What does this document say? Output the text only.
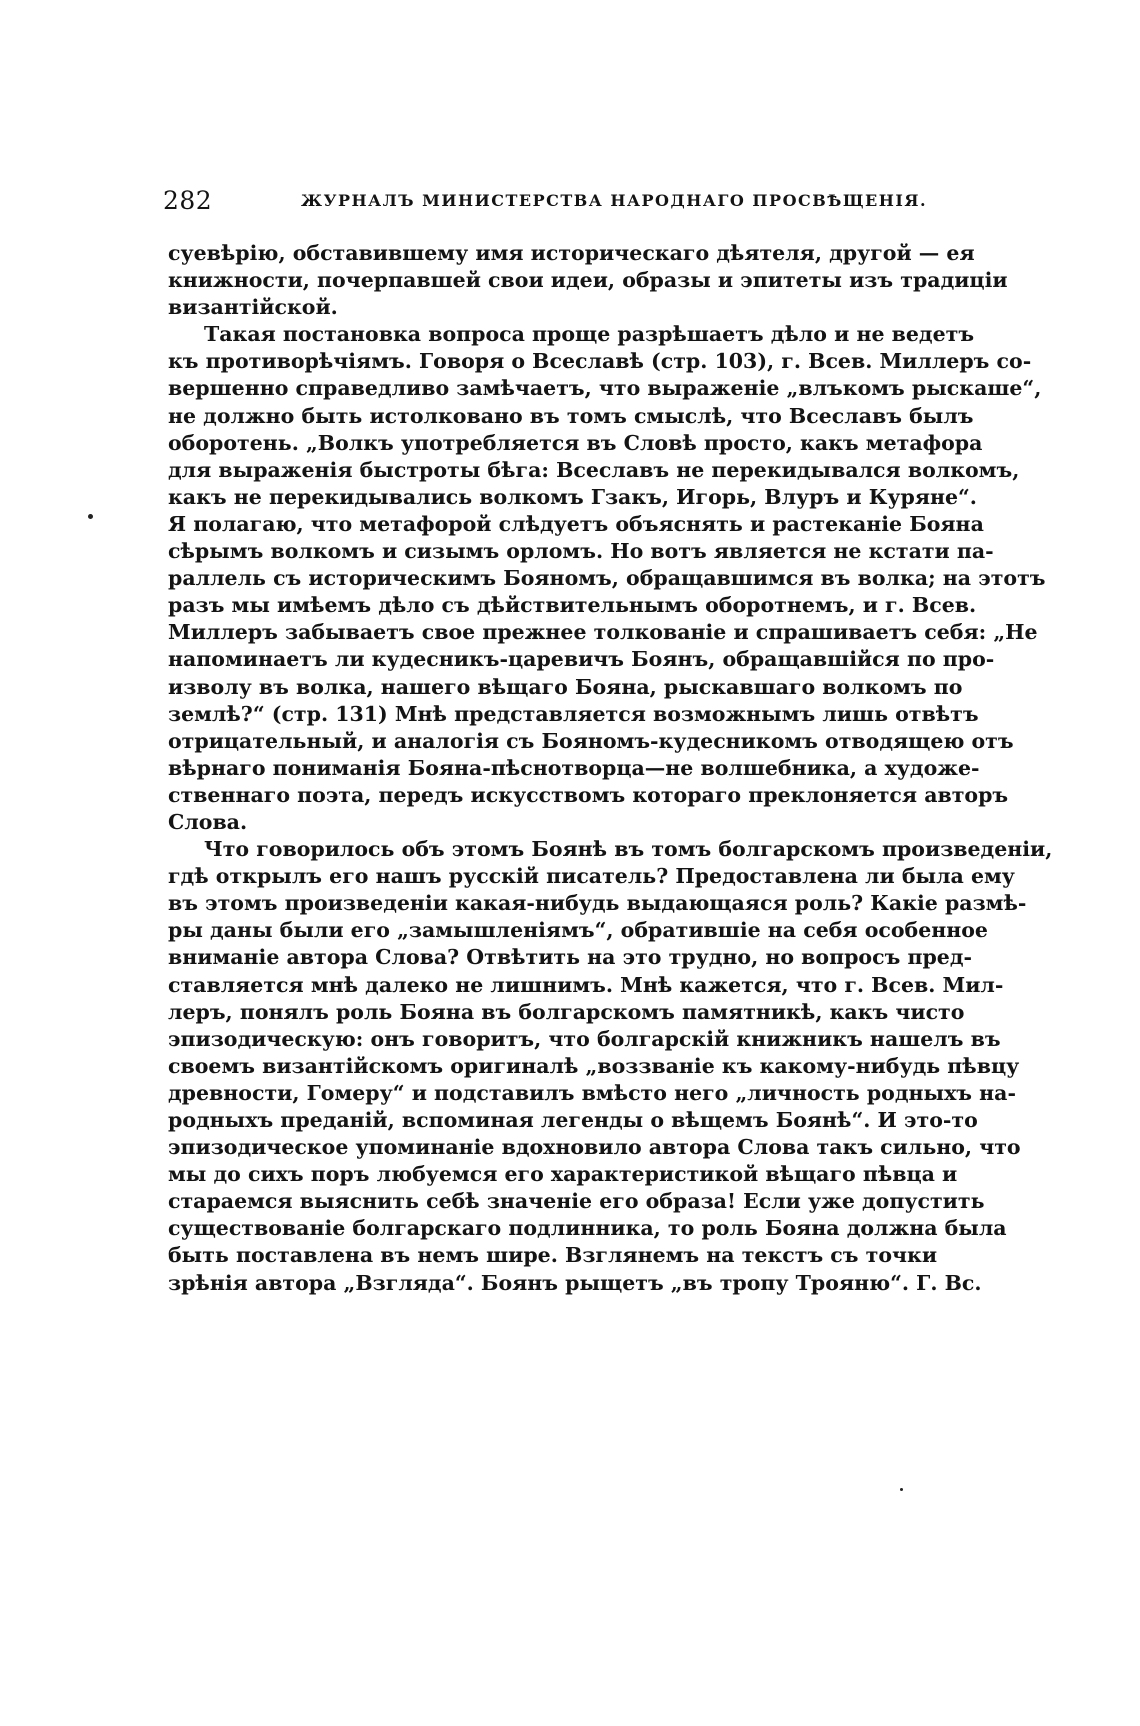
282	ЖУРНАЛЪ МИНИСТЕРСТВА НАРОДНАГО ПРОСВѢЩЕНІЯ.
суевѣрію, обставившему имя историческаго дѣятеля, другой — ея
книжности, почерпавшей свои идеи, образы и эпитеты изъ традиціи
византійской.
Такая постановка вопроса проще разрѣшаетъ дѣло и не ведетъ
къ противорѣчіямъ. Говоря о Всеславѣ (стр. 103), г. Всев. Миллеръ со-
вершенно справедливо замѣчаетъ, что выраженіе „влъкомъ рыскаше“,
не должно быть истолковано въ томъ смыслѣ, что Всеславъ былъ
оборотень. „Волкъ употребляется въ Словѣ просто, какъ метафора
для выраженія быстроты бѣга: Всеславъ не перекидывался волкомъ,
какъ не перекидывались волкомъ Гзакъ, Игорь, Влуръ и Куряне“.
Я полагаю, что метафорой слѣдуетъ объяснять и растеканіе Бояна
сѣрымъ волкомъ и сизымъ орломъ. Но вотъ является не кстати па-
раллель съ историческимъ Бояномъ, обращавшимся въ волка; на этотъ
разъ мы имѣемъ дѣло съ дѣйствительнымъ оборотнемъ, и г. Всев.
Миллеръ забываетъ свое прежнее толкованіе и спрашиваетъ себя: „Не
напоминаетъ ли кудесникъ-царевичъ Боянъ, обращавшійся по про-
изволу въ волка, нашего вѣщаго Бояна, рыскавшаго волкомъ по
землѣ?“ (стр. 131) Мнѣ представляется возможнымъ лишь отвѣтъ
отрицательный, и аналогія съ Бояномъ-кудесникомъ отводящею отъ
вѣрнаго пониманія Бояна-пѣснотворца—не волшебника, а художе-
ственнаго поэта, передъ искусствомъ котораго преклоняется авторъ
Слова.
Что говорилось объ этомъ Боянѣ въ томъ болгарскомъ произведеніи,
гдѣ открылъ его нашъ русскій писатель? Предоставлена ли была ему
въ этомъ произведеніи какая-нибудь выдающаяся роль? Какіе размѣ-
ры даны были его „замышленіямъ“, обратившіе на себя особенное
вниманіе автора Слова? Отвѣтить на это трудно, но вопросъ пред-
ставляется мнѣ далеко не лишнимъ. Мнѣ кажется, что г. Всев. Мил-
леръ, понялъ роль Бояна въ болгарскомъ памятникѣ, какъ чисто
эпизодическую: онъ говоритъ, что болгарскій книжникъ нашелъ въ
своемъ византійскомъ оригиналѣ „воззваніе къ какому-нибудь пѣвцу
древности, Гомеру“ и подставилъ вмѣсто него „личность родныхъ на-
родныхъ преданій, вспоминая легенды о вѣщемъ Боянѣ“. И это-то
эпизодическое упоминаніе вдохновило автора Слова такъ сильно, что
мы до сихъ поръ любуемся его характеристикой вѣщаго пѣвца и
стараемся выяснить себѣ значеніе его образа! Если уже допустить
существованіе болгарскаго подлинника, то роль Бояна должна была
быть поставлена въ немъ шире. Взглянемъ на текстъ съ точки
зрѣнія автора „Взгляда“. Боянъ рыщетъ „въ тропу Трояню“. Г. Вс.
